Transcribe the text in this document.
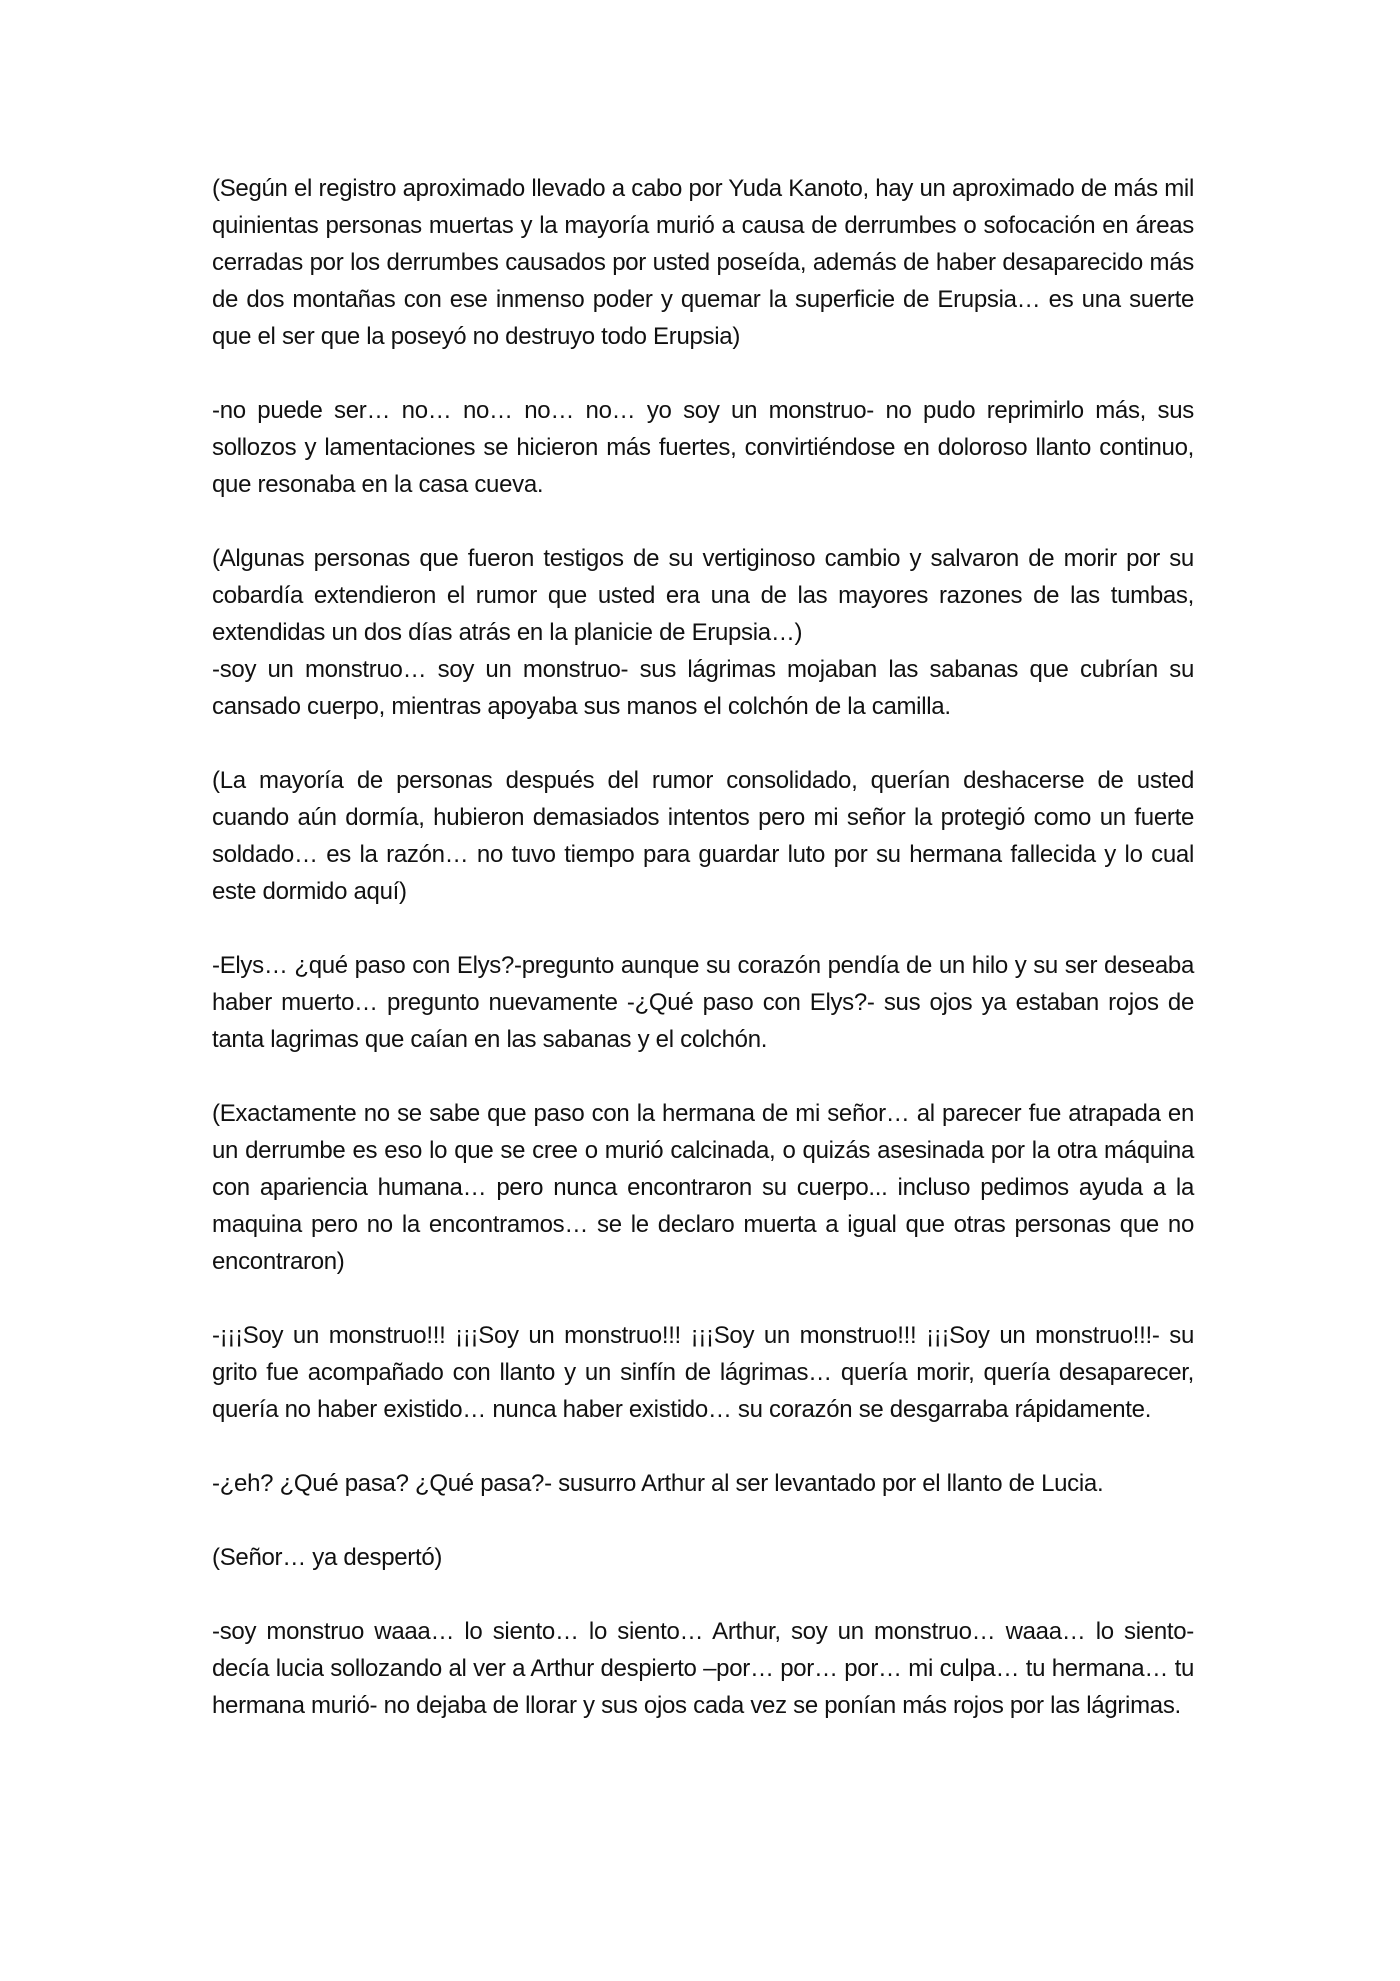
(Según el registro aproximado llevado a cabo por Yuda Kanoto, hay un aproximado de más mil quinientas personas muertas y la mayoría murió a causa de derrumbes o sofocación en áreas cerradas por los derrumbes causados por usted poseída, además de haber desaparecido más de dos montañas con ese inmenso poder y quemar la superficie de Erupsia… es una suerte que el ser que la poseyó no destruyo todo Erupsia)

-no puede ser… no… no… no… no… yo soy un monstruo- no pudo reprimirlo más, sus sollozos y lamentaciones se hicieron más fuertes, convirtiéndose en doloroso llanto continuo, que resonaba en la casa cueva.

(Algunas personas que fueron testigos de su vertiginoso cambio y salvaron de morir por su cobardía extendieron el rumor que usted era una de las mayores razones de las tumbas, extendidas un dos días atrás en la planicie de Erupsia…)

-soy un monstruo… soy un monstruo- sus lágrimas mojaban las sabanas que cubrían su cansado cuerpo, mientras apoyaba sus manos el colchón de la camilla.

(La mayoría de personas después del rumor consolidado, querían deshacerse de usted cuando aún dormía, hubieron demasiados intentos pero mi señor la protegió como un fuerte soldado… es la razón… no tuvo tiempo para guardar luto por su hermana fallecida y lo cual este dormido aquí)

-Elys… ¿qué paso con Elys?-pregunto aunque su corazón pendía de un hilo y su ser deseaba haber muerto… pregunto nuevamente -¿Qué paso con Elys?- sus ojos ya estaban rojos de tanta lagrimas que caían en las sabanas y el colchón.

(Exactamente no se sabe que paso con la hermana de mi señor… al parecer fue atrapada en un derrumbe es eso lo que se cree o murió calcinada, o quizás asesinada por la otra máquina con apariencia humana… pero nunca encontraron su cuerpo... incluso pedimos ayuda a la maquina pero no la encontramos… se le declaro muerta a igual que otras personas que no encontraron)

-¡¡¡Soy un monstruo!!! ¡¡¡Soy un monstruo!!! ¡¡¡Soy un monstruo!!! ¡¡¡Soy un monstruo!!!- su grito fue acompañado con llanto y un sinfín de lágrimas… quería morir, quería desaparecer, quería no haber existido… nunca haber existido… su corazón se desgarraba rápidamente.

-¿eh? ¿Qué pasa? ¿Qué pasa?- susurro Arthur al ser levantado por el llanto de Lucia.

(Señor… ya despertó)

-soy monstruo waaa… lo siento… lo siento… Arthur, soy un monstruo… waaa… lo siento- decía lucia sollozando al ver a Arthur despierto –por… por… por… mi culpa… tu hermana… tu hermana murió- no dejaba de llorar y sus ojos cada vez se ponían más rojos por las lágrimas.
